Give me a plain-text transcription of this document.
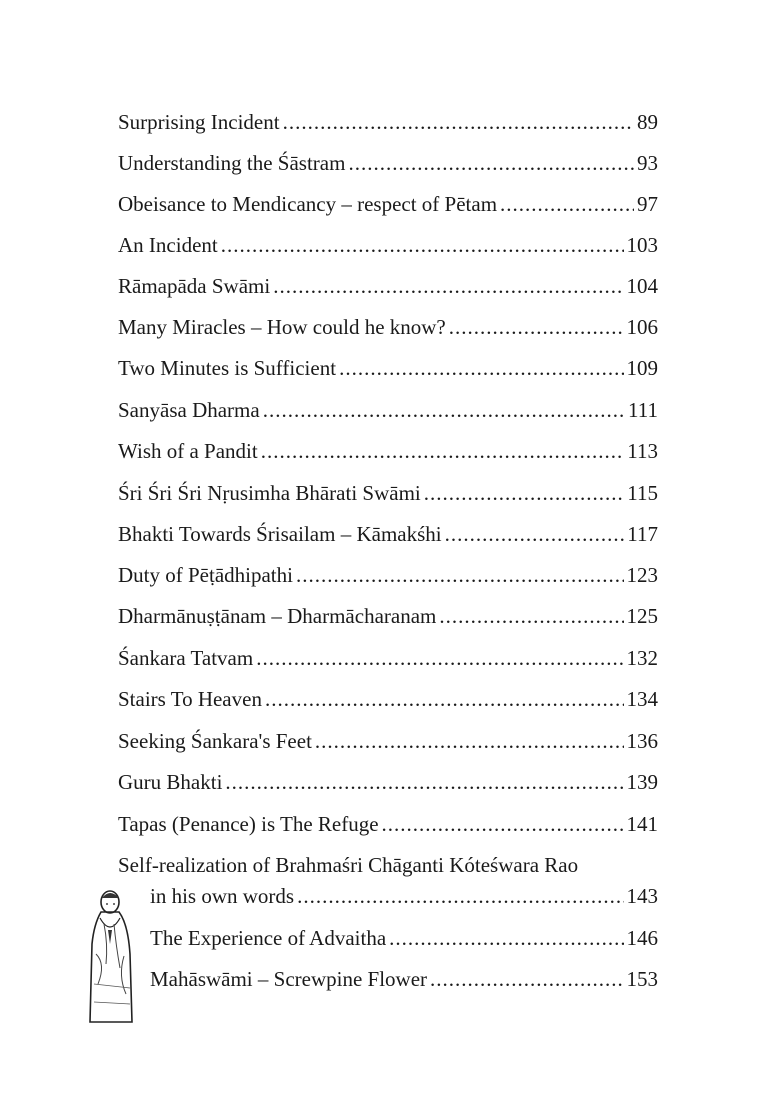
Surprising Incident .....	89
Understanding the Śāstram .....	93
Obeisance to Mendicancy – respect of Pētam .....	97
An Incident .....	103
Rāmapāda Swāmi .....	104
Many Miracles – How could he know? .....	106
Two Minutes is Sufficient .....	109
Sanyāsa Dharma .....	111
Wish of a Pandit .....	113
Śri Śri Śri Nṛusimha Bhārati Swāmi .....	115
Bhakti Towards Śrisailam – Kāmakśhi .....	117
Duty of Pēṭādhipathi .....	123
Dharmānuṣṭānam – Dharmācharanam .....	125
Śankara Tatvam .....	132
Stairs To Heaven .....	134
Seeking Śankara's Feet .....	136
Guru Bhakti .....	139
Tapas (Penance) is The Refuge .....	141
Self-realization of Brahmaśri Chāganti Kóteśwara Rao
in his own words .....	143
The Experience of Advaitha .....	146
Mahāswāmi – Screwpine Flower .....	153
